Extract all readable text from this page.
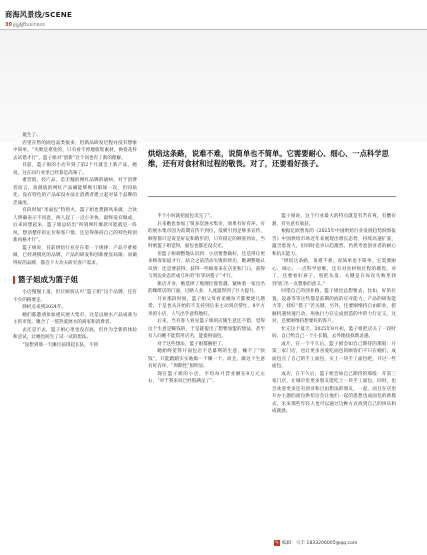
商海风景线/SCENE
30 商海 Business

诞生了。

店里在售的面包品类很多，但新品研发过程并没有想象中简单。“失败是难免的，只有看不停地收集素材，换着花样去试错才行”，篮子姐对“创新”这个词也有了新的理解。

目前，篮子姐的小店开到了第2个月就会上新产品，她说，这在同行业里已经算是高频了。

重营销，轻产品，是无憾的网红品牌的通病，对于消费者而言，高颜值的网红产品确能够吸引眼球一次，但同质化、没有特色的产品却没办法让消费者建立起对某个品牌的忠诚度。

有段时间“米面包”特别火，篮子姐也想跟风来做，合伙人明确表示不同意，两人起了一点小争执，最终没有做成，后来回想起来，篮子姐总结出“所谓网红爆款可能就是一阵风，想清楚你的定位和客户群，还是得保持自己的特色和创新风格才行”。

篮子姐说，目前烘焙行业存在着一个规律：产品不难被做，已经规模化的品牌，产品的研发和创新便显局限；而做得好的品牌，都会下大功夫研究客户需求。

篮子姐成为篮子姐

小店慢慢上道，但让顾客认可“篮子姐”这个品牌，还有不少的路要走。

韩析点来到2024年。

她们都邀请参加重庆展大集市，这是以展水产品成商为主的市集，聚合了一帮热爱展水的商家和消费者。

去还是不去，篮子姐心里也没有底，但作为全新的体验和尝试，让她也萌生了试一试的想法。

“设想到那一天摊位前排起长队，不到

烘焙这条路，说难不难，说简单也不简单。它需要耐心、细心、一点科学思维，还有对食材和过程的敬畏。对了，还要看好孩子。

半个小时就把面包卖完了”。

后来她也参加了很多次展水集市，效果有好有坏。有的展水集市因为前期宣传不到位，没吸引到足够多宣传，顾客都只是说是好玩和散步的，只有稳定的顾客到访，当时被篮子姐觉得，面包也都还没卖光。

但篮子姐调整地认识到：小店要想做好，还是得让更多顾客知道才行。结合之前活动失败的经历，她调整地认识到：还是要获得，获得一些顾客来在店里和门口，获得与周边业态形成互补的“好邻居搭子”才行。

新店开业，她选择了地理位置优越、紧挨着一家出名的咖啡店的门面，过路人多，人流量得到了巨大提升。

开业那段时间，篮子姐父母看见她每天都要逐几趟货，于是也从开始的不支持到后来主动到店帮忙。8平方米的小店，人气出乎意料地旺。

后来，当有客人看见篮子姐的店铺生意还不错，觉得这个生意是赚钱的，于是就提出了想要加盟的想法，甚至有人问她不能借用店名，能提供面包。

对于这些想法，篮子姐都婉拒了。

她始终觉得开面包店不是暴利的生意，赚不了“快钱”，只能踏踏实实地做一个赚一个。而且，做这个生意有好有坏，“周期性”很明显。

现在篮子姐的小店，平均每月营业额在8万元左右，“对于我来说已经很满足了”。

篮子姐说，这个行业最大的特点就是有苦有爽，有酸有甜，有失意有收获。

根据亿欧智库的《2025年中国烘焙行业发展趋势洞察报告》中国烘焙市场近年来展现出增长态势，持续高速扩张，蕴含着庞大，但同时竞争日趋激烈，仍然考验创业者的耐心和抗压能力。

“烘焙这条路，说难不难，说简单也不简单。它需要耐心、细心、一点科学思维，还有对食材和过程的敬畏。对了，还要看好孩子，别把头发、关键是在每次失败里找到‘底’出一点想象的意义。”

回望自己的创业路，篮子姐也总想要去，比如，好的位置、设备等等这些都是前期的底的应对能力，产品的研发能力等，找好“搭子”若关键，另外，还要刚维持自由职业，把握机遇快速行动，用执行力在完成创造的中的力行定义，这对，还要刚维持想要好的客户。

忙完这个夏天，2025年8月初，篮子姐把店关了一段时间，自己给自己一个小长假，去外地找找新灵感。

成片，在一个不久后，篮子姐会如自己期待的那般：开第三家门店，也让更多喜爱吃面包的顾客们不只在她们，成面包点了自己的手工面包，买上一块手工面包吧，开过一些面包。

成功，在不久后，篮子姐会如自己期待的那般：开第三家门店，让城市里更多朋友能吃上一块手工面包，同时，也会欢迎更多还有创业和自由想法的朋友，一起，而且在店里开办主题的面包烘焙这会让他们一起的思想也成面包的新模式，未来那些年轻人也可以通过这种方式找到自己的快乐和成就感。

✎ 编辑：马丰 1833206005@qq.com
